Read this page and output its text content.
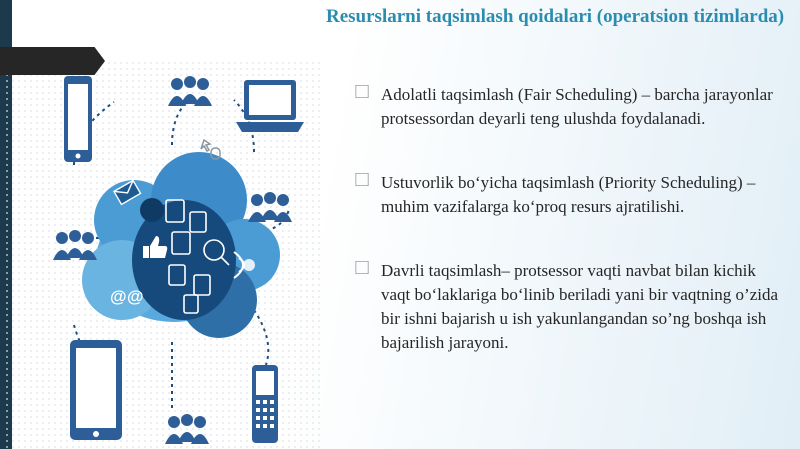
@ @
Resurslarni taqsimlash qoidalari (operatsion tizimlarda)
⃞ Adolatli taqsimlash (Fair Scheduling) – barcha jarayonlar protsessordan deyarli teng ulushda foydalanadi.
⃞ Ustuvorlik bo‘yicha taqsimlash (Priority Scheduling) – muhim vazifalarga ko‘proq resurs ajratilishi.
⃞ Davrli taqsimlash– protsessor vaqti navbat bilan kichik vaqt bo‘laklariga bo‘linib beriladi yani bir vaqtning o’zida bir ishni bajarish u ish yakunlangandan so’ng boshqa ish bajarilish jarayoni.
